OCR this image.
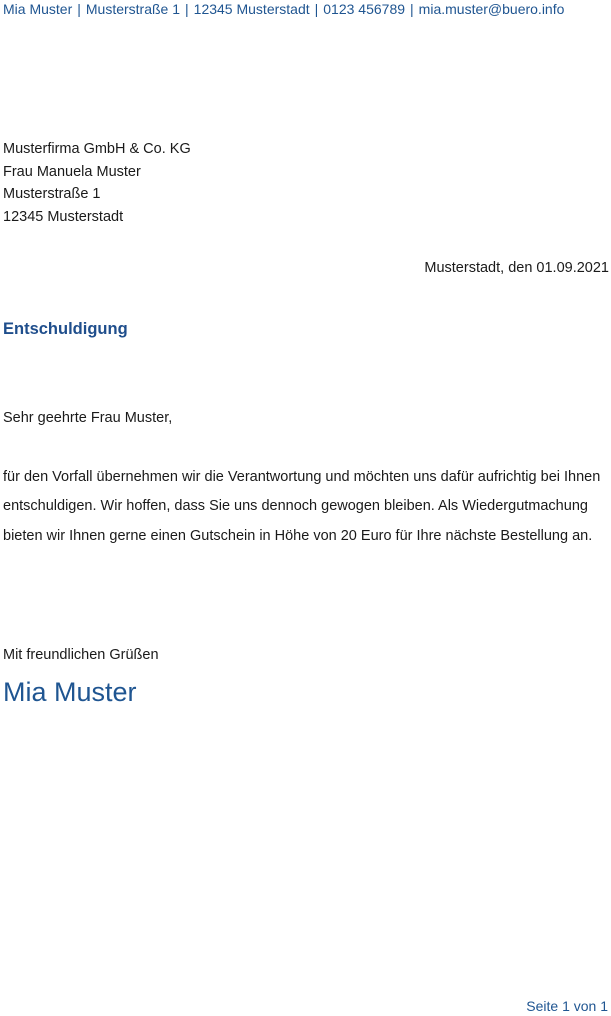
Mia Muster | Musterstraße 1 | 12345 Musterstadt | 0123 456789 | mia.muster@buero.info
Musterfirma GmbH & Co. KG
Frau Manuela Muster
Musterstraße 1
12345 Musterstadt
Musterstadt, den 01.09.2021
Entschuldigung
Sehr geehrte Frau Muster,
für den Vorfall übernehmen wir die Verantwortung und möchten uns dafür aufrichtig bei Ihnen entschuldigen. Wir hoffen, dass Sie uns dennoch gewogen bleiben. Als Wiedergutmachung bieten wir Ihnen gerne einen Gutschein in Höhe von 20 Euro für Ihre nächste Bestellung an.
Mit freundlichen Grüßen
Mia Muster
Seite 1 von 1
